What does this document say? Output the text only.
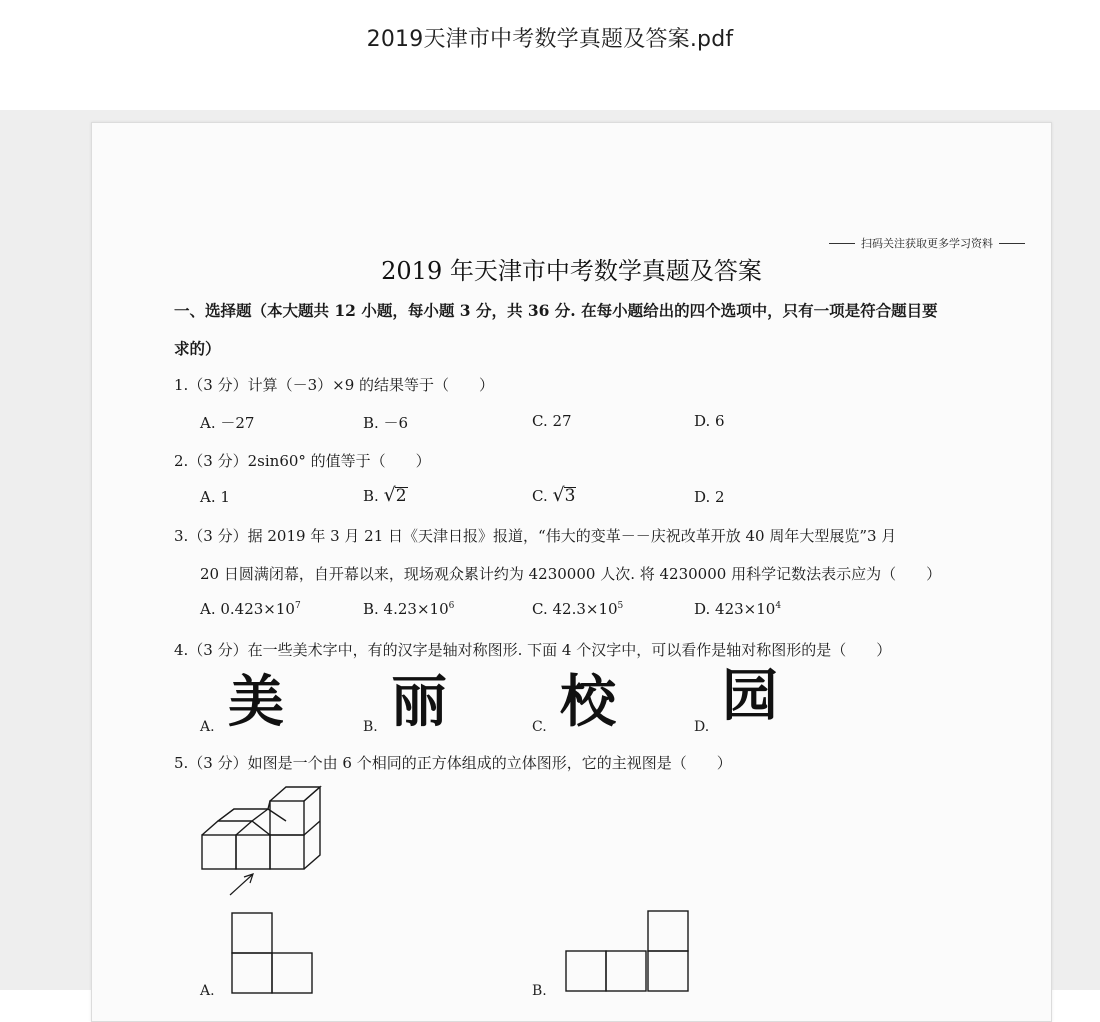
2019天津市中考数学真题及答案.pdf
扫码关注获取更多学习资料
2019 年天津市中考数学真题及答案
一、选择题（本大题共 12 小题，每小题 3 分，共 36 分. 在每小题给出的四个选项中，只有一项是符合题目要
求的）
1.（3 分）计算（－3）×9 的结果等于（　　）
A. －27	B. －6	C. 27	D. 6
2.（3 分）2sin60° 的值等于（　　）
A. 1	B. √ 2	C. √ 3	D. 2
3.（3 分）据 2019 年 3 月 21 日《天津日报》报道，“伟大的变革－－庆祝改革开放 40 周年大型展览”3 月
20 日圆满闭幕，自开幕以来，现场观众累计约为 4230000 人次. 将 4230000 用科学记数法表示应为（　　）
A. $0.423\times 10^7$	B. $4.23\times 10^6$	C. $42.3\times 10^5$	D. $423\times 10^4$
4.（3 分）在一些美术字中，有的汉字是轴对称图形. 下面 4 个汉字中，可以看作是轴对称图形的是（　　）
A. 美	B. 丽	C. 校	D. 园
5.（3 分）如图是一个由 6 个相同的正方体组成的立体图形，它的主视图是（　　）
A.	B.
